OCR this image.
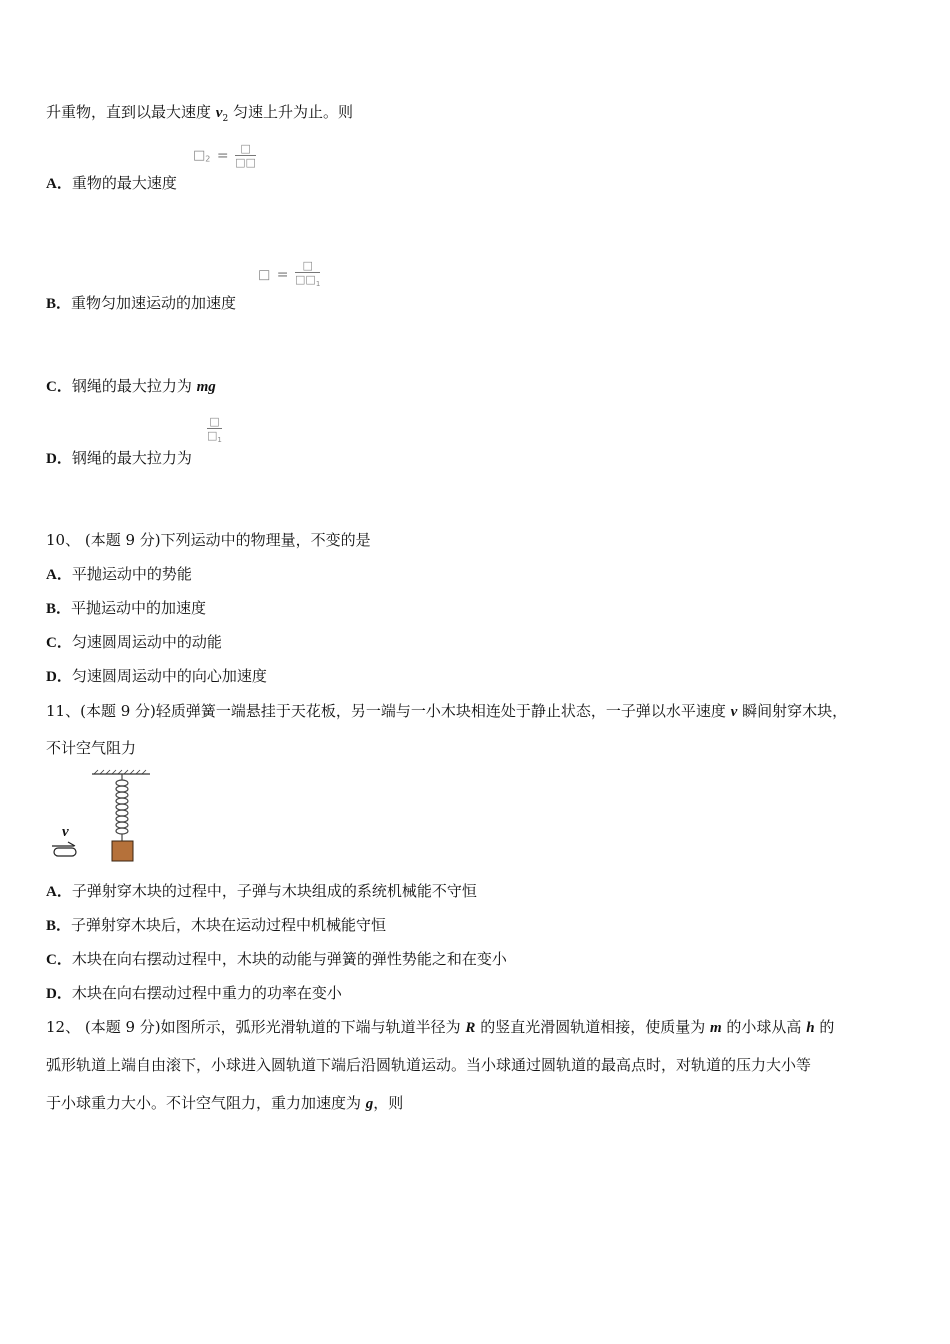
升重物，直到以最大速度 $v_2$ 匀速上升为止。则
$□_2 = \frac{□}{□□}$
A．重物的最大速度
□ = $\frac{□}{□□_1}$
B．重物匀加速运动的加速度
C．钢绳的最大拉力为 mg
$\frac{□}{□_1}$
D．钢绳的最大拉力为
10、 (本题 9 分)下列运动中的物理量，不变的是
A．平抛运动中的势能
B．平抛运动中的加速度
C．匀速圆周运动中的动能
D．匀速圆周运动中的向心加速度
11、(本题 9 分)轻质弹簧一端悬挂于天花板，另一端与一小木块相连处于静止状态，一子弹以水平速度 v 瞬间射穿木块，
不计空气阻力
v
A．子弹射穿木块的过程中，子弹与木块组成的系统机械能不守恒
B．子弹射穿木块后，木块在运动过程中机械能守恒
C．木块在向右摆动过程中，木块的动能与弹簧的弹性势能之和在变小
D．木块在向右摆动过程中重力的功率在变小
12、 (本题 9 分)如图所示，弧形光滑轨道的下端与轨道半径为 R 的竖直光滑圆轨道相接，使质量为 m 的小球从高 h 的
弧形轨道上端自由滚下，小球进入圆轨道下端后沿圆轨道运动。当小球通过圆轨道的最高点时，对轨道的压力大小等
于小球重力大小。不计空气阻力，重力加速度为 g，则
